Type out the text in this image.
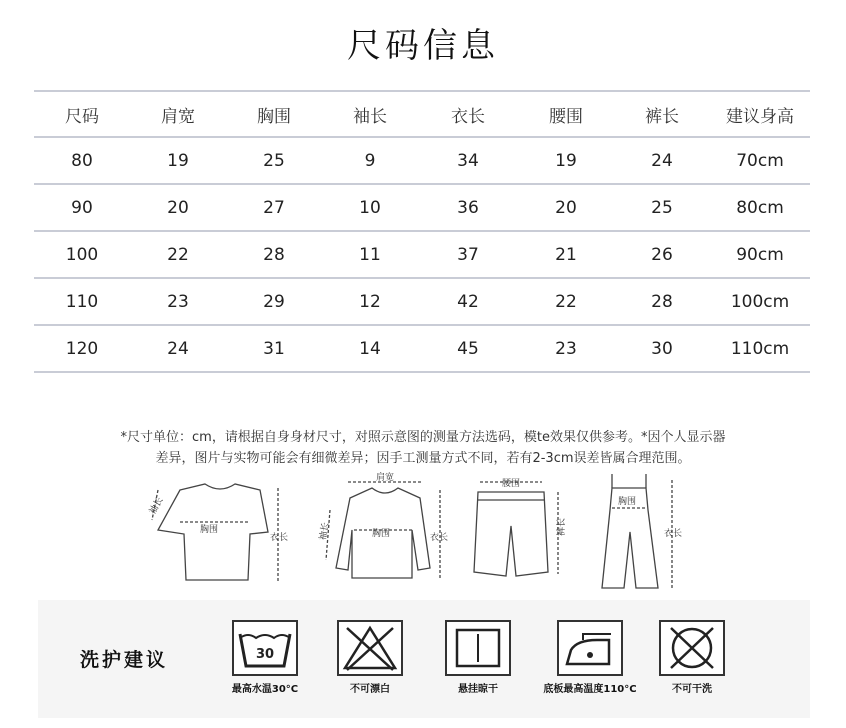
尺码信息
尺码	肩宽	胸围	袖长	衣长	腰围	裤长	建议身高
80	19	25	9	34	19	24	70cm
90	20	27	10	36	20	25	80cm
100	22	28	11	37	21	26	90cm
110	23	29	12	42	22	28	100cm
120	24	31	14	45	23	30	110cm
*尺寸单位：cm，请根据自身身材尺寸，对照示意图的测量方法选码，模te效果仅供参考。*因个人显示器
差异，图片与实物可能会有细微差异；因手工测量方式不同，若有2-3cm误差皆属合理范围。
袖长
胸围
衣长
肩宽
袖长	胸围	衣长
腰围
裤长
胸围
衣长
洗护建议	30
最高水温30°C	不可漂白	悬挂晾干	底板最高温度110°C	不可干洗
